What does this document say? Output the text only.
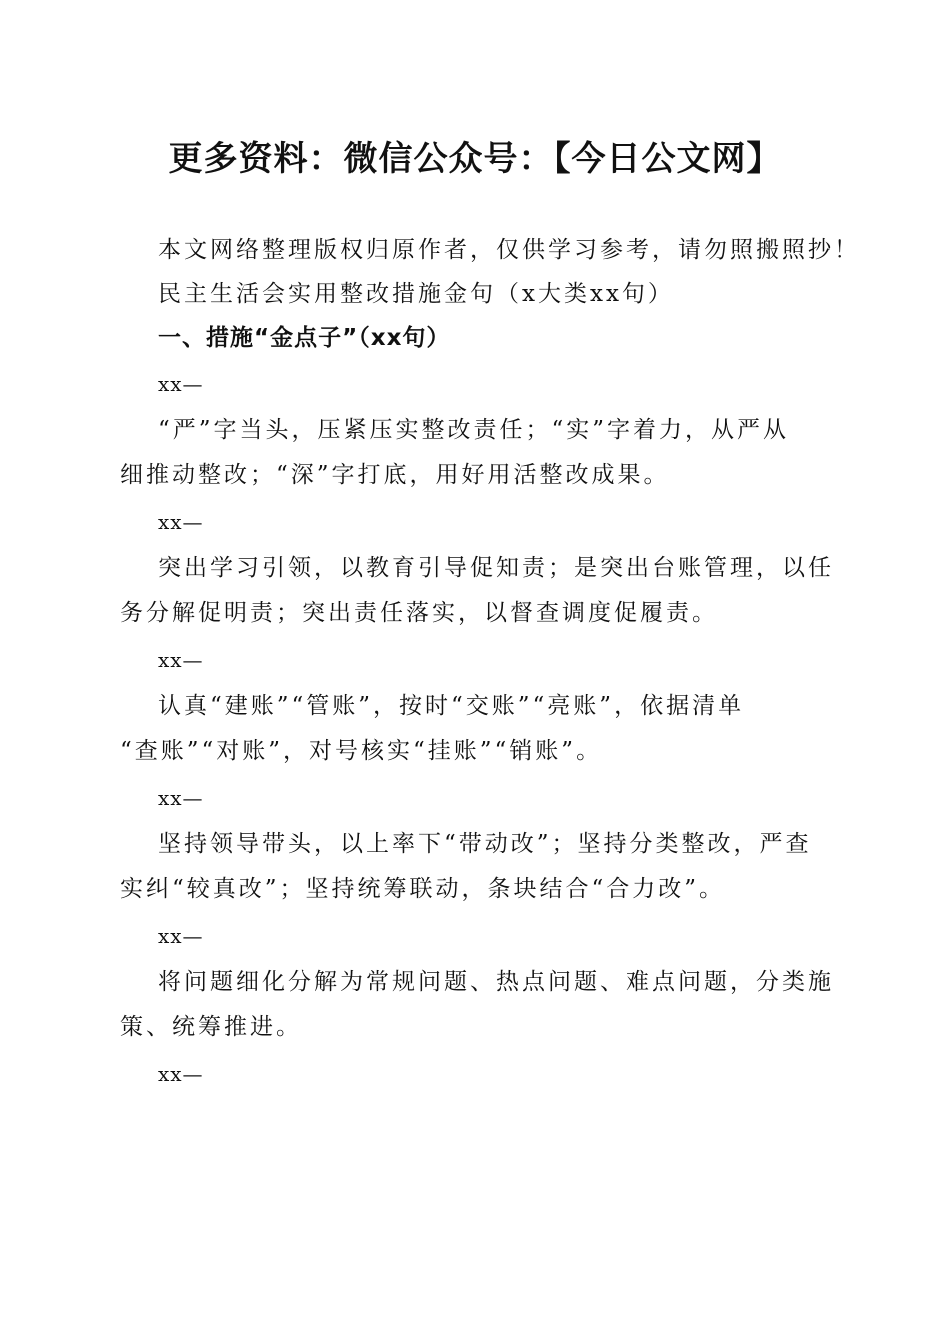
更多资料：微信公众号：【今日公文网】
本文网络整理版权归原作者，仅供学习参考，请勿照搬照抄！
民主生活会实用整改措施金句（x大类xx句）
一、措施“金点子”（xx句）
xx—
“严”字当头，压紧压实整改责任；“实”字着力，从严从
细推动整改；“深”字打底，用好用活整改成果。
xx—
突出学习引领，以教育引导促知责；是突出台账管理，以任
务分解促明责；突出责任落实，以督查调度促履责。
xx—
认真“建账”“管账”，按时“交账”“亮账”，依据清单
“查账”“对账”，对号核实“挂账”“销账”。
xx—
坚持领导带头，以上率下“带动改”；坚持分类整改，严查
实纠“较真改”；坚持统筹联动，条块结合“合力改”。
xx—
将问题细化分解为常规问题、热点问题、难点问题，分类施
策、统筹推进。
xx—
